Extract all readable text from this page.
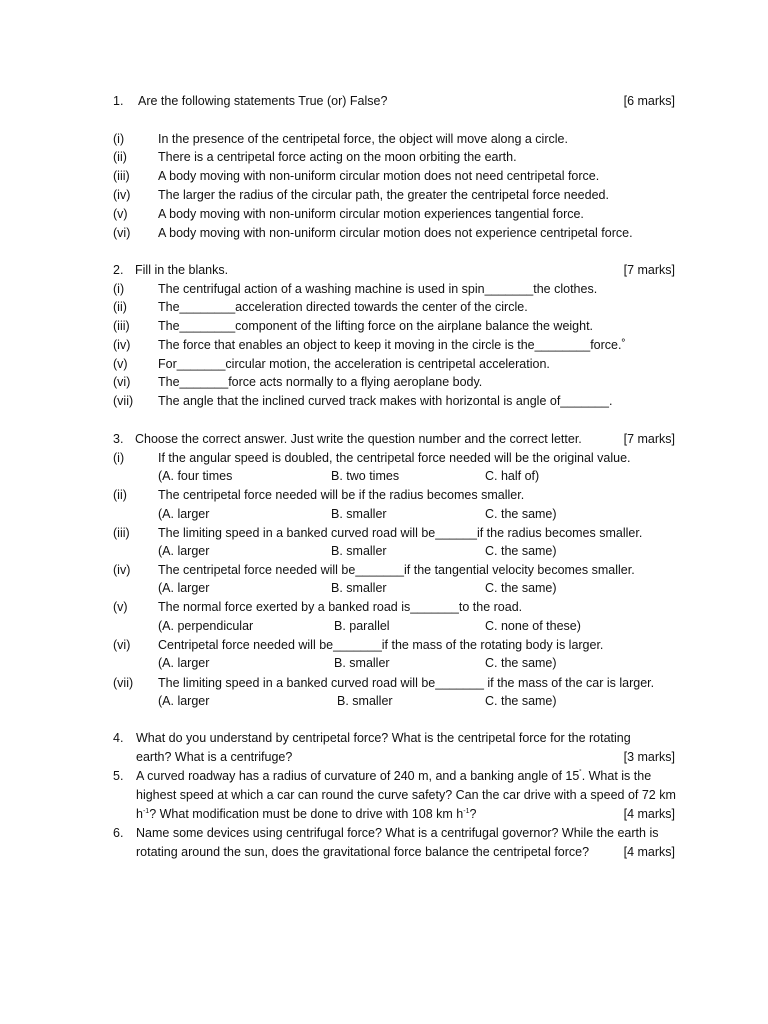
1. Are the following statements True (or) False?	[6 marks]
(i)	In the presence of the centripetal force, the object will move along a circle.
(ii) There is a centripetal force acting on the moon orbiting the earth.
(iii) A body moving with non-uniform circular motion does not need centripetal force.
(iv) The larger the radius of the circular path, the greater the centripetal force needed.
(v) A body moving with non-uniform circular motion experiences tangential force.
(vi) A body moving with non-uniform circular motion does not experience centripetal force.
2. Fill in the blanks.	[7 marks]
(i)	The centrifugal action of a washing machine is used in spin_______the clothes.
(ii) The________acceleration directed towards the center of the circle.
(iii) The________component of the lifting force on the airplane balance the weight.
(iv) The force that enables an object to keep it moving in the circle is the________force.˚
(v) For_______circular motion, the acceleration is centripetal acceleration.
(vi) The_______force acts normally to a flying aeroplane body.
(vii) The angle that the inclined curved track makes with horizontal is angle of_______.
3. Choose the correct answer. Just write the question number and the correct letter.	[7 marks]
(i)	If the angular speed is doubled, the centripetal force needed will be the original value.
(A. four times	B. two times	C. half of)
(ii) The centripetal force needed will be if the radius becomes smaller.
(A. larger	B. smaller	C. the same)
(iii) The limiting speed in a banked curved road will be______if the radius becomes smaller.
(A. larger	B. smaller	C. the same)
(iv) The centripetal force needed will be_______if the tangential velocity becomes smaller.
(A. larger	B. smaller	C. the same)
(v) The normal force exerted by a banked road is_______to the road.
(A. perpendicular	B. parallel	C. none of these)
(vi) Centripetal force needed will be_______if the mass of the rotating body is larger.
(A. larger	B. smaller	C. the same)
(vii) The limiting speed in a banked curved road will be_______ if the mass of the car is larger.
(A. larger	B. smaller	C. the same)
4. What do you understand by centripetal force? What is the centripetal force for the rotating
earth? What is a centrifuge?	[3 marks]
5. A curved roadway has a radius of curvature of 240 m, and a banking angle of 15˚. What is the
highest speed at which a car can round the curve safety? Can the car drive with a speed of 72 km
$h^{-1}$? What modification must be done to drive with 108 km $h^{-1}$?	[4 marks]
6. Name some devices using centrifugal force? What is a centrifugal governor? While the earth is
rotating around the sun, does the gravitational force balance the centripetal force?	[4 marks]
